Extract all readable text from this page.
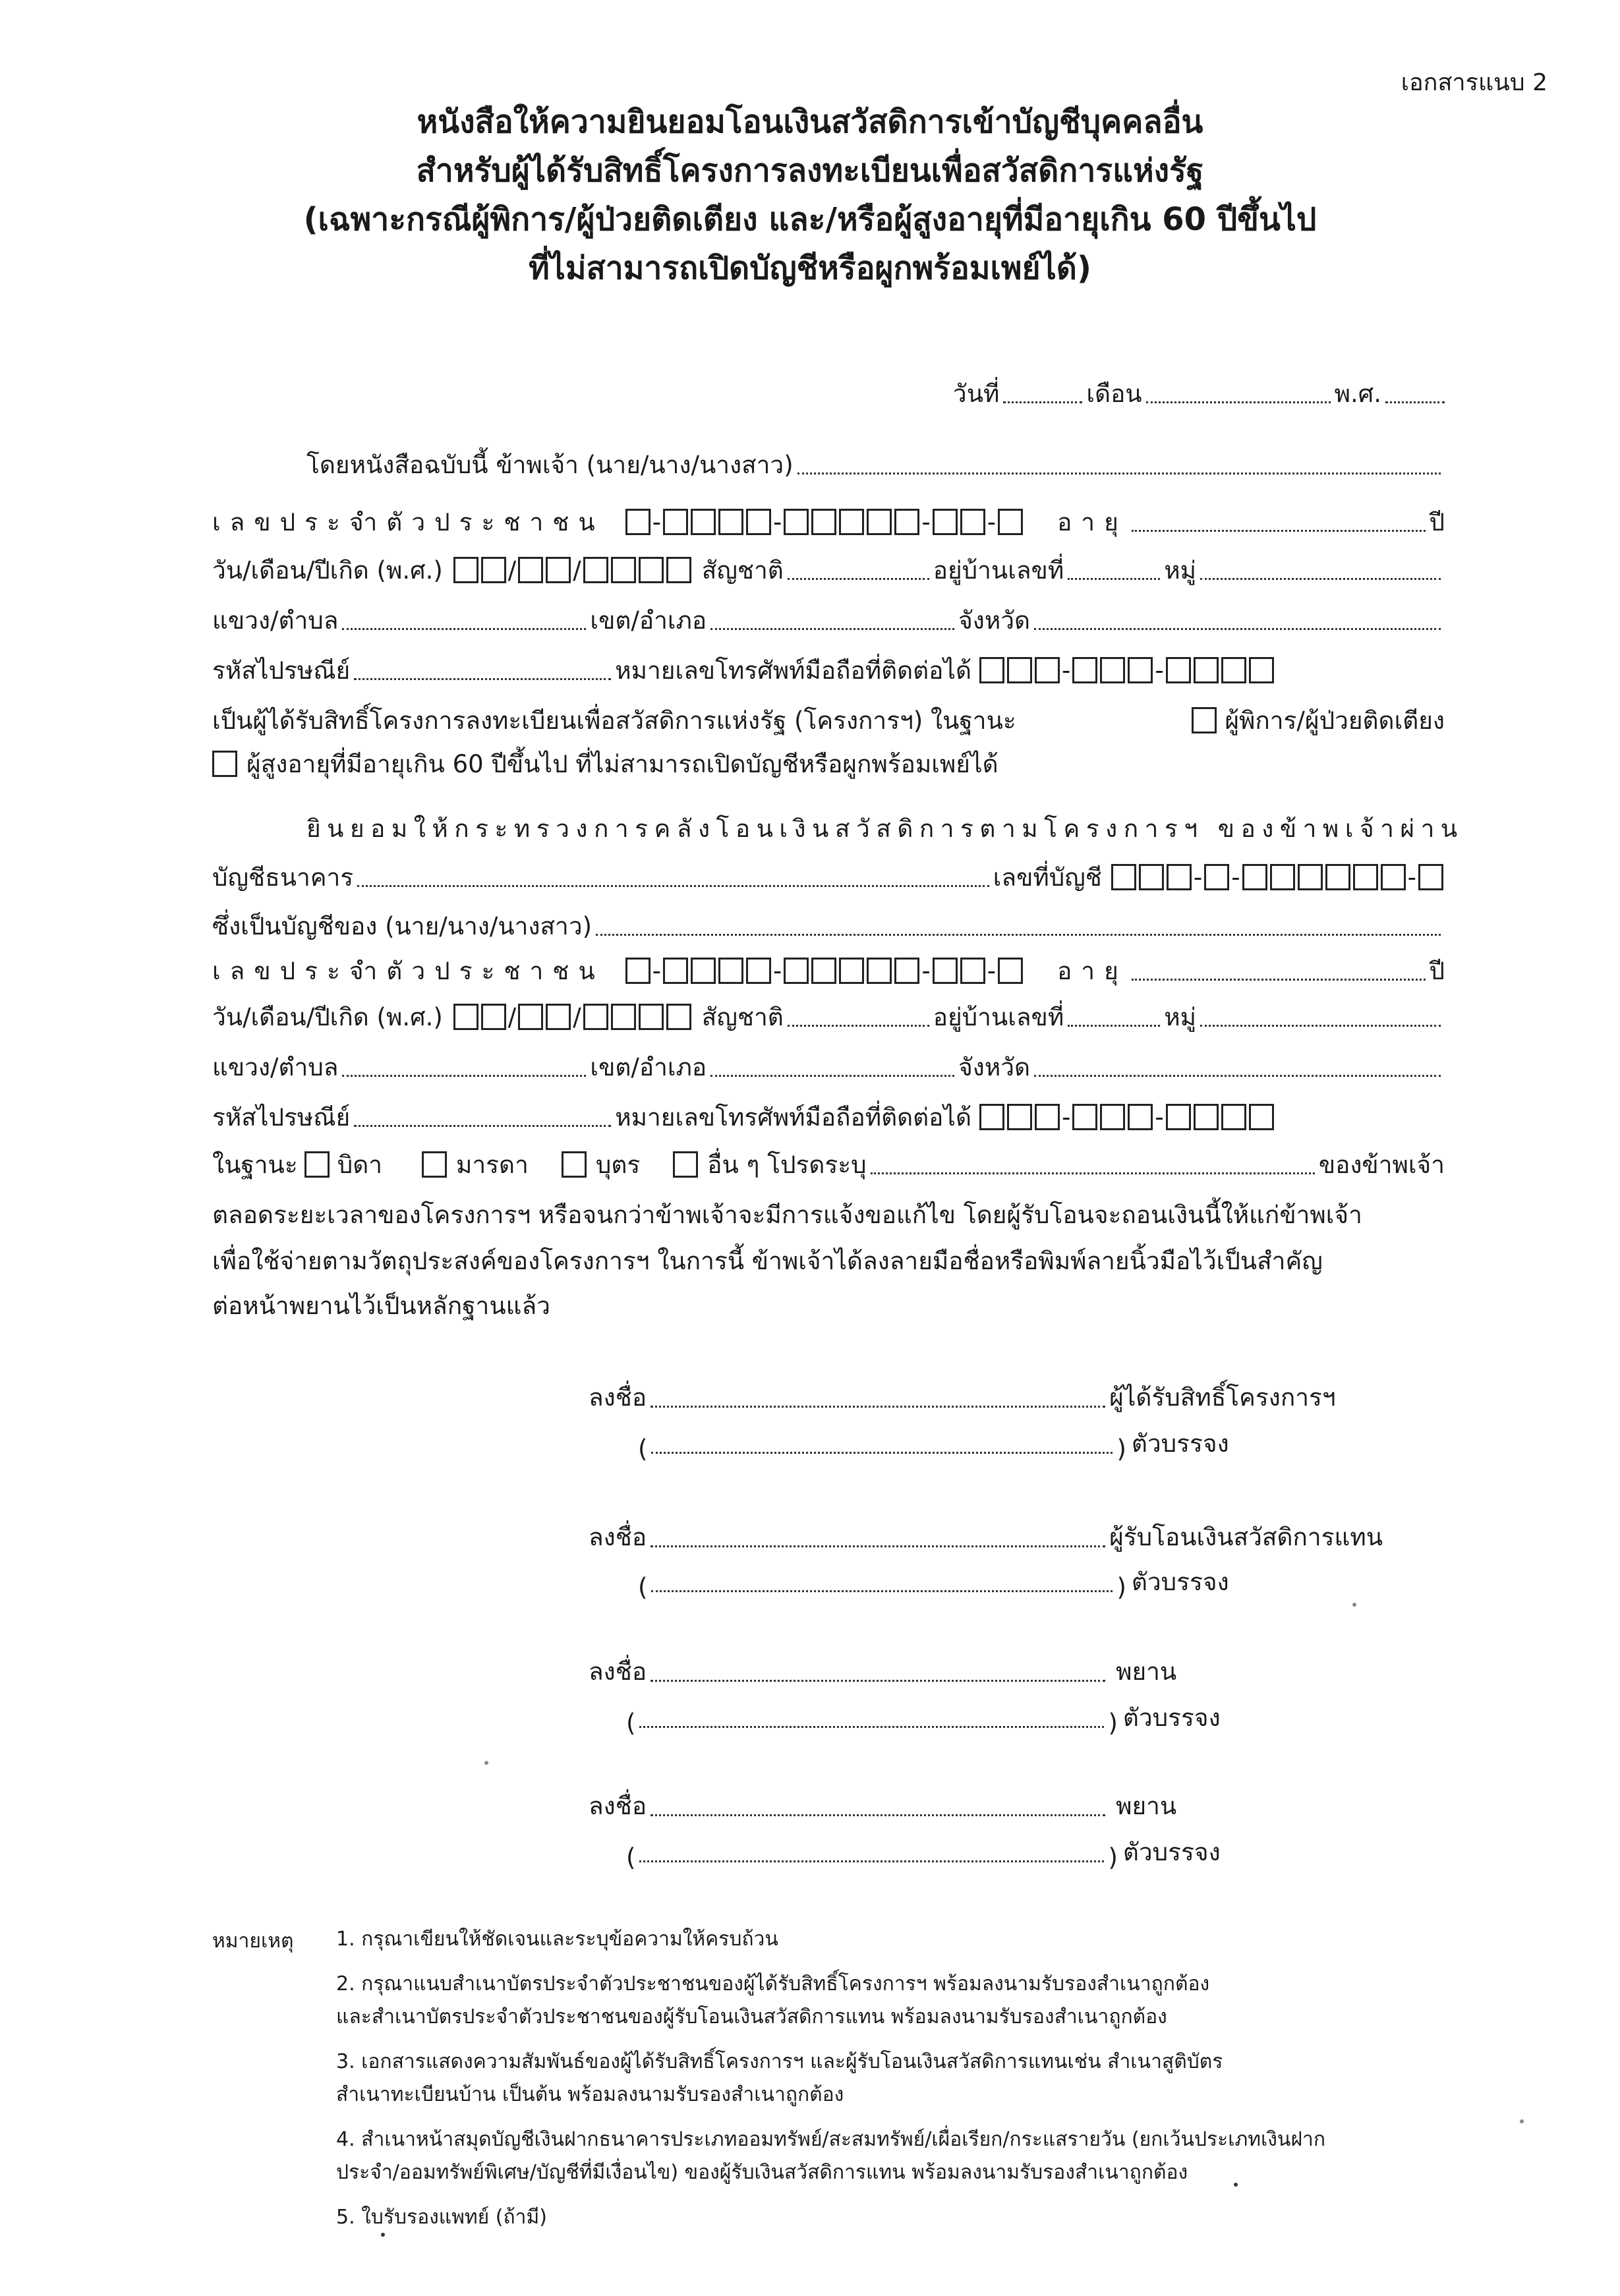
เอกสารแนบ 2
หนังสือให้ความยินยอมโอนเงินสวัสดิการเข้าบัญชีบุคคลอื่น
สำหรับผู้ได้รับสิทธิ์โครงการลงทะเบียนเพื่อสวัสดิการแห่งรัฐ
(เฉพาะกรณีผู้พิการ/ผู้ป่วยติดเตียง และ/หรือผู้สูงอายุที่มีอายุเกิน 60 ปีขึ้นไป
ที่ไม่สามารถเปิดบัญชีหรือผูกพร้อมเพย์ได้)
วันที่	เดือน	พ.ศ.
โดยหนังสือฉบับนี้ ข้าพเจ้า (นาย/นาง/นางสาว)
เลขประจำตัวประชาชน -	-	- -	อายุ	ปี
วัน/เดือน/ปีเกิด (พ.ศ.)	/ /	สัญชาติ	อยู่บ้านเลขที่	หมู่
แขวง/ตำบล	เขต/อำเภอ	จังหวัด
รหัสไปรษณีย์	หมายเลขโทรศัพท์มือถือที่ติดต่อได้	-	-
เป็นผู้ได้รับสิทธิ์โครงการลงทะเบียนเพื่อสวัสดิการแห่งรัฐ (โครงการฯ) ในฐานะ	ผู้พิการ/ผู้ป่วยติดเตียง
ผู้สูงอายุที่มีอายุเกิน 60 ปีขึ้นไป ที่ไม่สามารถเปิดบัญชีหรือผูกพร้อมเพย์ได้
ยินยอมให้กระทรวงการคลังโอนเงินสวัสดิการตามโครงการฯ ของข้าพเจ้าผ่าน
บัญชีธนาคาร	เลขที่บัญชี	- -	-
ซึ่งเป็นบัญชีของ (นาย/นาง/นางสาว)
เลขประจำตัวประชาชน -	-	- -	อายุ	ปี
วัน/เดือน/ปีเกิด (พ.ศ.)	/ /	สัญชาติ	อยู่บ้านเลขที่	หมู่
แขวง/ตำบล	เขต/อำเภอ	จังหวัด
รหัสไปรษณีย์	หมายเลขโทรศัพท์มือถือที่ติดต่อได้	-	-
ในฐานะ บิดา	มารดา	บุตร	อื่น ๆ โปรดระบุ	ของข้าพเจ้า
ตลอดระยะเวลาของโครงการฯ หรือจนกว่าข้าพเจ้าจะมีการแจ้งขอแก้ไข โดยผู้รับโอนจะถอนเงินนี้ให้แก่ข้าพเจ้า
เพื่อใช้จ่ายตามวัตถุประสงค์ของโครงการฯ ในการนี้ ข้าพเจ้าได้ลงลายมือชื่อหรือพิมพ์ลายนิ้วมือไว้เป็นสำคัญ
ต่อหน้าพยานไว้เป็นหลักฐานแล้ว
ลงชื่อ	ผู้ได้รับสิทธิ์โครงการฯ
(	) ตัวบรรจง
ลงชื่อ	ผู้รับโอนเงินสวัสดิการแทน
(	) ตัวบรรจง
ลงชื่อ	พยาน
(	) ตัวบรรจง
ลงชื่อ	พยาน
(	) ตัวบรรจง
หมายเหตุ 1. กรุณาเขียนให้ชัดเจนและระบุข้อความให้ครบถ้วน
2. กรุณาแนบสำเนาบัตรประจำตัวประชาชนของผู้ได้รับสิทธิ์โครงการฯ พร้อมลงนามรับรองสำเนาถูกต้อง
และสำเนาบัตรประจำตัวประชาชนของผู้รับโอนเงินสวัสดิการแทน พร้อมลงนามรับรองสำเนาถูกต้อง
3. เอกสารแสดงความสัมพันธ์ของผู้ได้รับสิทธิ์โครงการฯ และผู้รับโอนเงินสวัสดิการแทนเช่น สำเนาสูติบัตร
สำเนาทะเบียนบ้าน เป็นต้น พร้อมลงนามรับรองสำเนาถูกต้อง
4. สำเนาหน้าสมุดบัญชีเงินฝากธนาคารประเภทออมทรัพย์/สะสมทรัพย์/เผื่อเรียก/กระแสรายวัน (ยกเว้นประเภทเงินฝาก
ประจำ/ออมทรัพย์พิเศษ/บัญชีที่มีเงื่อนไข) ของผู้รับเงินสวัสดิการแทน พร้อมลงนามรับรองสำเนาถูกต้อง
5. ใบรับรองแพทย์ (ถ้ามี)
